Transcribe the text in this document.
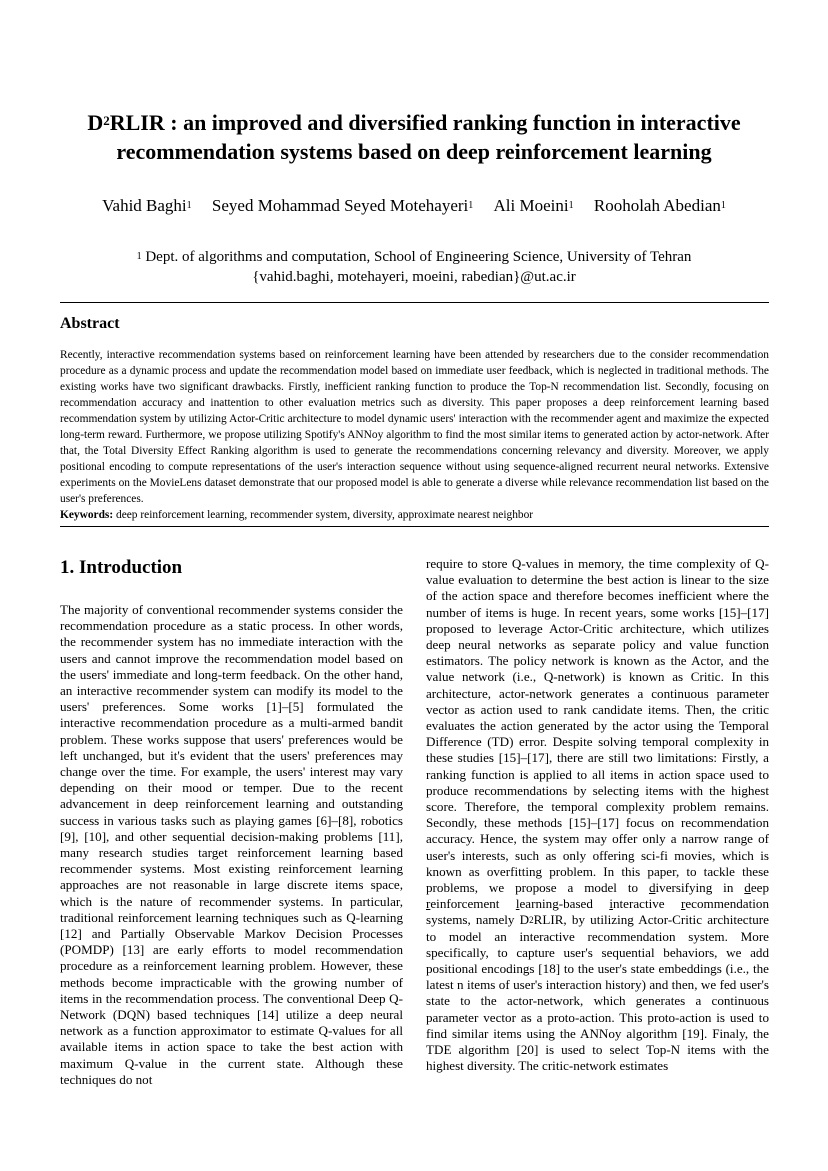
$D^2RLIR$ : an improved and diversified ranking function in interactive
recommendation systems based on deep reinforcement learning
Vahid Baghi$^1$ Seyed Mohammad Seyed Motehayeri$^1$ Ali Moeini$^1$ Rooholah Abedian$^1$
$^1$ Dept. of algorithms and computation, School of Engineering Science, University of Tehran
{vahid.baghi, motehayeri, moeini, rabedian}@ut.ac.ir
Abstract

Recently, interactive recommendation systems based on reinforcement learning have been attended by researchers due to the consider recommendation procedure as a dynamic process and update the recommendation model based on immediate user feedback, which is neglected in traditional methods. The existing works have two significant drawbacks. Firstly, inefficient ranking function to produce the Top-N recommendation list. Secondly, focusing on recommendation accuracy and inattention to other evaluation metrics such as diversity. This paper proposes a deep reinforcement learning based recommendation system by utilizing Actor-Critic architecture to model dynamic users' interaction with the recommender agent and maximize the expected long-term reward. Furthermore, we propose utilizing Spotify's ANNoy algorithm to find the most similar items to generated action by actor-network. After that, the Total Diversity Effect Ranking algorithm is used to generate the recommendations concerning relevancy and diversity. Moreover, we apply positional encoding to compute representations of the user's interaction sequence without using sequence-aligned recurrent neural networks. Extensive experiments on the MovieLens dataset demonstrate that our proposed model is able to generate a diverse while relevance recommendation list based on the user's preferences.

Keywords: deep reinforcement learning, recommender system, diversity, approximate nearest neighbor

1. Introduction

The majority of conventional recommender systems consider the recommendation procedure as a static process. In other words, the recommender system has no immediate interaction with the users and cannot improve the recommendation model based on the users' immediate and long-term feedback. On the other hand, an interactive recommender system can modify its model to the users' preferences. Some works [1]–[5] formulated the interactive recommendation procedure as a multi-armed bandit problem. These works suppose that users' preferences would be left unchanged, but it's evident that the users' preferences may change over the time. For example, the users' interest may vary depending on their mood or temper. Due to the recent advancement in deep reinforcement learning and outstanding success in various tasks such as playing games [6]–[8], robotics [9], [10], and other sequential decision-making problems [11], many research studies target reinforcement learning based recommender systems. Most existing reinforcement learning approaches are not reasonable in large discrete items space, which is the nature of recommender systems. In particular, traditional reinforcement learning techniques such as Q-learning [12] and Partially Observable Markov Decision Processes (POMDP) [13] are early efforts to model recommendation procedure as a reinforcement learning problem. However, these methods become impracticable with the growing number of items in the recommendation process. The conventional Deep Q-Network (DQN) based techniques [14] utilize a deep neural network as a function approximator to estimate Q-values for all available items in action space to take the best action with maximum Q-value in the current state. Although these techniques do not

require to store Q-values in memory, the time complexity of Q-value evaluation to determine the best action is linear to the size of the action space and therefore becomes inefficient where the number of items is huge. In recent years, some works [15]–[17] proposed to leverage Actor-Critic architecture, which utilizes deep neural networks as separate policy and value function estimators. The policy network is known as the Actor, and the value network (i.e., Q-network) is known as Critic. In this architecture, actor-network generates a continuous parameter vector as action used to rank candidate items. Then, the critic evaluates the action generated by the actor using the Temporal Difference (TD) error. Despite solving temporal complexity in these studies [15]–[17], there are still two limitations: Firstly, a ranking function is applied to all items in action space used to produce recommendations by selecting items with the highest score. Therefore, the temporal complexity problem remains. Secondly, these methods [15]–[17] focus on recommendation accuracy. Hence, the system may offer only a narrow range of user's interests, such as only offering sci-fi movies, which is known as overfitting problem. In this paper, to tackle these problems, we propose a model to diversifying in deep reinforcement learning-based interactive recommendation systems, namely $D^2RLIR$, by utilizing Actor-Critic architecture to model an interactive recommendation system. More specifically, to capture user's sequential behaviors, we add positional encodings [18] to the user's state embeddings (i.e., the latest n items of user's interaction history) and then, we fed user's state to the actor-network, which generates a continuous parameter vector as a proto-action. This proto-action is used to find similar items using the ANNoy algorithm [19]. Finaly, the TDE algorithm [20] is used to select Top-N items with the highest diversity. The critic-network estimates
